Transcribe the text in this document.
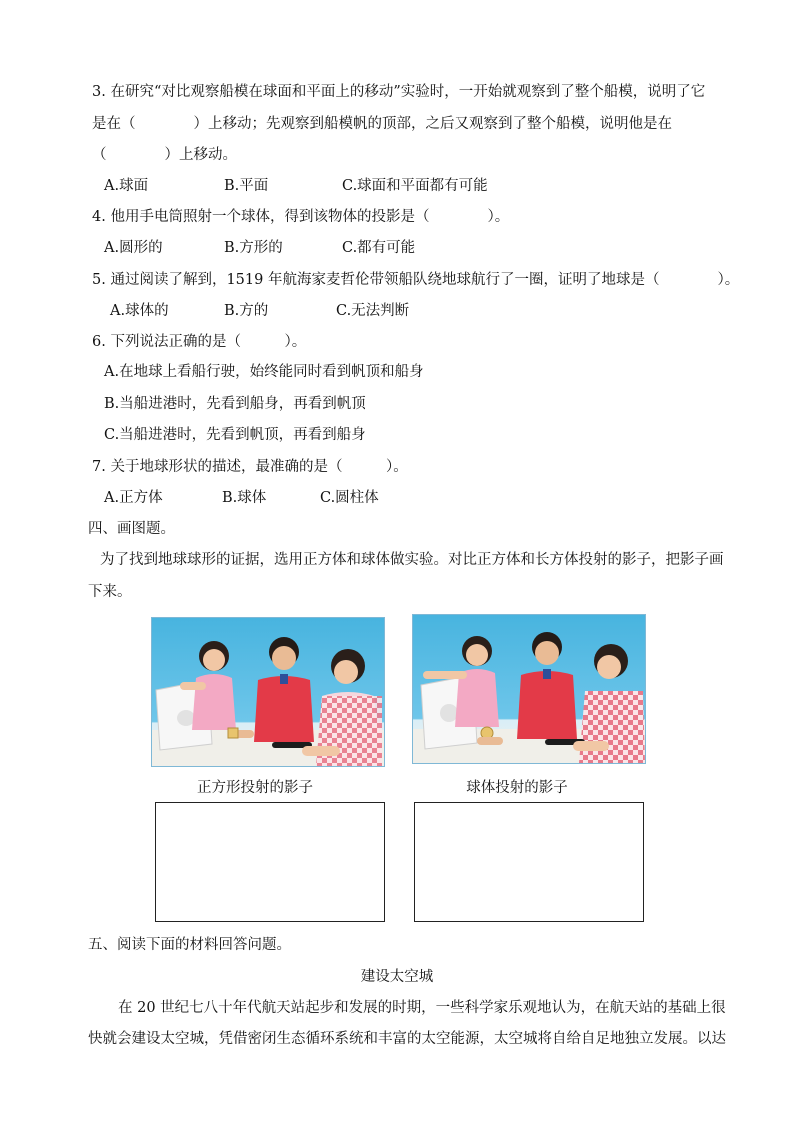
3. 在研究“对比观察船模在球面和平面上的移动”实验时，一开始就观察到了整个船模，说明了它
是在（　　　　）上移动；先观察到船模帆的顶部，之后又观察到了整个船模，说明他是在
（　　　　）上移动。
A.球面	B.平面	C.球面和平面都有可能
4. 他用手电筒照射一个球体，得到该物体的投影是（　　　　）。
A.圆形的	B.方形的	C.都有可能
5. 通过阅读了解到，1519 年航海家麦哲伦带领船队绕地球航行了一圈，证明了地球是（　　　　）。
A.球体的	B.方的	C.无法判断
6. 下列说法正确的是（　　　）。
A.在地球上看船行驶，始终能同时看到帆顶和船身
B.当船进港时，先看到船身，再看到帆顶
C.当船进港时，先看到帆顶，再看到船身
7. 关于地球形状的描述，最准确的是（　　　）。
A.正方体	B.球体	C.圆柱体
四、画图题。
为了找到地球球形的证据，选用正方体和球体做实验。对比正方体和长方体投射的影子，把影子画
下来。
正方形投射的影子	球体投射的影子
五、阅读下面的材料回答问题。
建设太空城
在 20 世纪七八十年代航天站起步和发展的时期，一些科学家乐观地认为，在航天站的基础上很
快就会建设太空城，凭借密闭生态循环系统和丰富的太空能源，太空城将自给自足地独立发展。以达
